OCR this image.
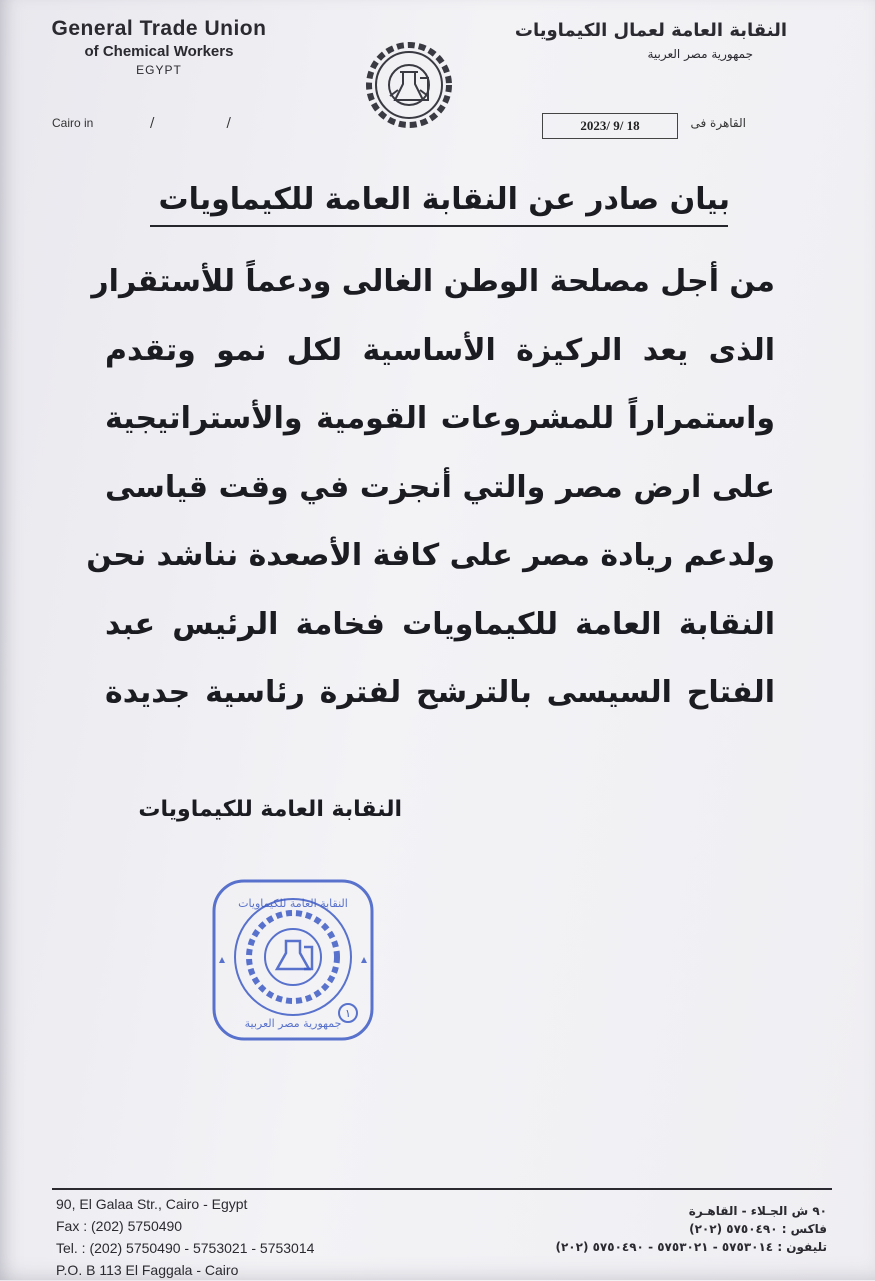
General Trade Union
of Chemical Workers
EGYPT
النقابة العامة لعمال الكيماويات
جمهورية مصر العربية
Cairo in	/ /	2023/ 9/ 18	القاهرة فى
بيان صادر عن النقابة العامة للكيماويات
من أجل مصلحة الوطن الغالى ودعماً للأستقرار
الذى يعد الركيزة الأساسية لكل نمو وتقدم
واستمراراً للمشروعات القومية والأستراتيجية
على ارض مصر والتي أنجزت في وقت قياسى
ولدعم ريادة مصر على كافة الأصعدة نناشد نحن
النقابة العامة للكيماويات فخامة الرئيس عبد
الفتاح السيسى بالترشح لفترة رئاسية جديدة
النقابة العامة للكيماويات
١
النقابة العامة للكيماويات
جمهورية مصر العربية
90, El Galaa Str., Cairo - Egypt
Fax : (202) 5750490
Tel. : (202) 5750490 - 5753021 - 5753014
P.O. B 113 El Faggala - Cairo
٩٠ ش الجـلاء - القاهـرة
فاكس : ٥٧٥٠٤٩٠ (٢٠٢)
تليفون : ٥٧٥٣٠١٤ - ٥٧٥٣٠٢١ - ٥٧٥٠٤٩٠ (٢٠٢)
